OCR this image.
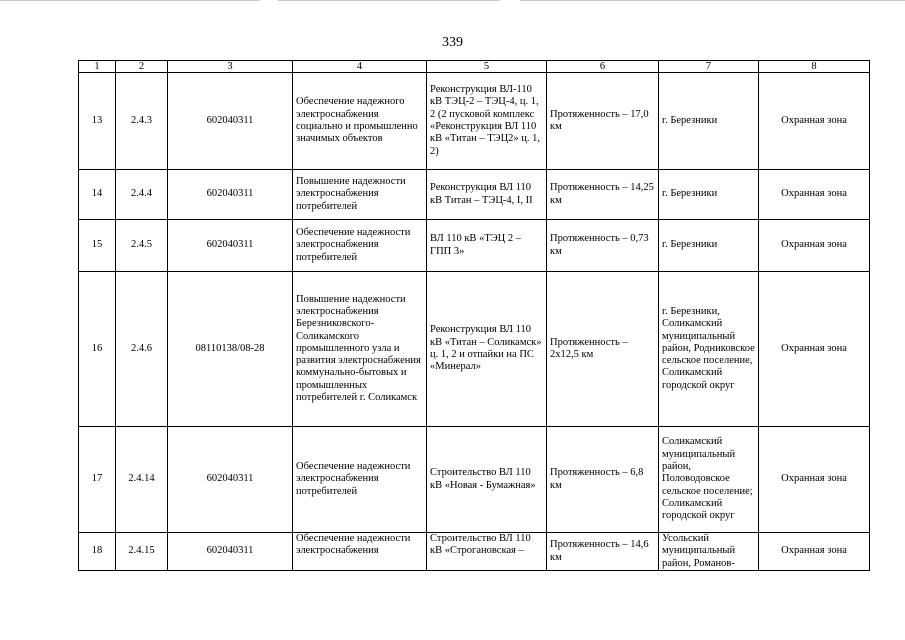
339
1	2	3	4	5	6	7	8
13	2.4.3	602040311	Обеспечение надежного электроснабжения социально и промышленно значимых объектов	Реконструкция ВЛ-110 кВ ТЭЦ-2 – ТЭЦ-4, ц. 1, 2 (2 пусковой комплекс «Реконструкция ВЛ 110 кВ «Титан – ТЭЦ2» ц. 1, 2)	Протяженность – 17,0 км	г. Березники	Охранная зона
14	2.4.4	602040311	Повышение надежности электроснабжения потребителей	Реконструкция ВЛ 110 кВ Титан – ТЭЦ-4, I, II	Протяженность – 14,25 км	г. Березники	Охранная зона
15	2.4.5	602040311	Обеспечение надежности электроснабжения потребителей	ВЛ 110 кВ «ТЭЦ 2 – ГПП 3»	Протяженность – 0,73 км	г. Березники	Охранная зона
16	2.4.6	08110138/08-28	Повышение надежности электроснабжения Березниковского-Соликамского промышленного узла и развития электроснабжения коммунально-бытовых и промышленных потребителей г. Соликамск	Реконструкция ВЛ 110 кВ «Титан – Соликамск» ц. 1, 2 и отпайки на ПС «Минерал»	Протяженность – 2х12,5 км	г. Березники, Соликамский муниципальный район, Родниковское сельское поселение, Соликамский городской округ	Охранная зона
17	2.4.14	602040311	Обеспечение надежности электроснабжения потребителей	Строительство ВЛ 110 кВ «Новая - Бумажная»	Протяженность – 6,8 км	Соликамский муниципальный район, Половодовское сельское поселение; Соликамский городской округ	Охранная зона
18	2.4.15	602040311	Обеспечение надежности электроснабжения	Строительство ВЛ 110 кВ «Строгановская –	Протяженность – 14,6 км	Усольский муниципальный район, Романов-	Охранная зона
